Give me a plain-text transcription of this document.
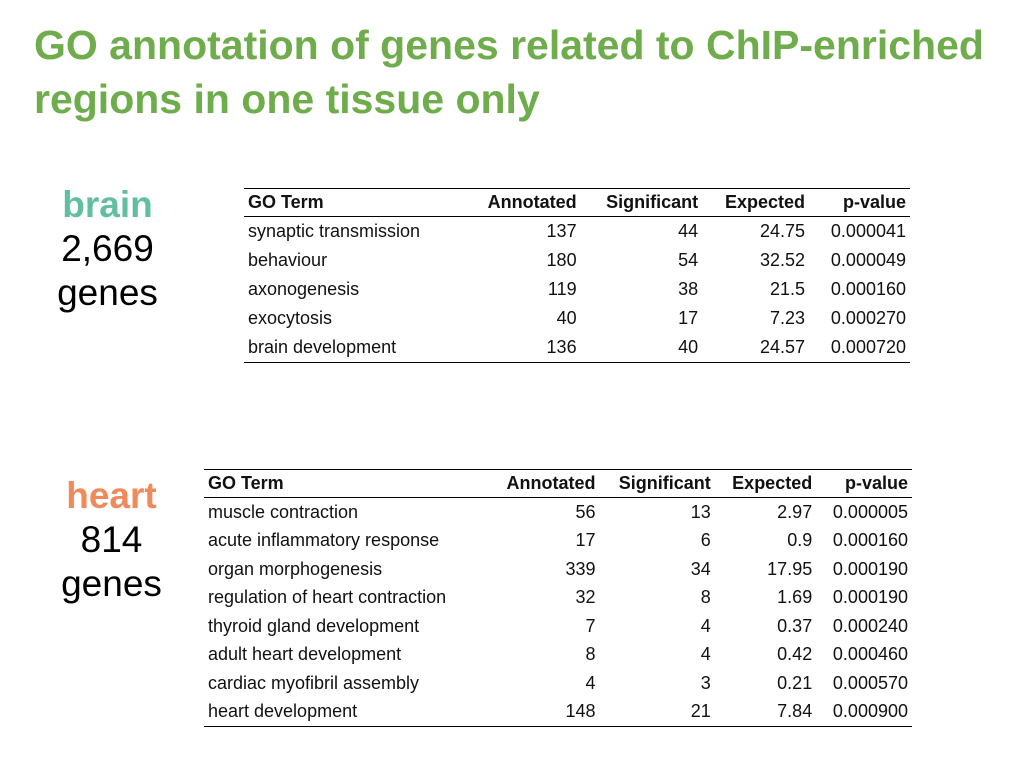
GO annotation of genes related to ChIP-enriched regions in one tissue only
brain
2,669
genes
GO Term	Annotated	Significant	Expected	p-value
synaptic transmission	137	44	24.75	0.000041
behaviour	180	54	32.52	0.000049
axonogenesis	119	38	21.5	0.000160
exocytosis	40	17	7.23	0.000270
brain development	136	40	24.57	0.000720
heart
814
genes
GO Term	Annotated	Significant	Expected	p-value
muscle contraction	56	13	2.97	0.000005
acute inflammatory response	17	6	0.9	0.000160
organ morphogenesis	339	34	17.95	0.000190
regulation of heart contraction	32	8	1.69	0.000190
thyroid gland development	7	4	0.37	0.000240
adult heart development	8	4	0.42	0.000460
cardiac myofibril assembly	4	3	0.21	0.000570
heart development	148	21	7.84	0.000900
